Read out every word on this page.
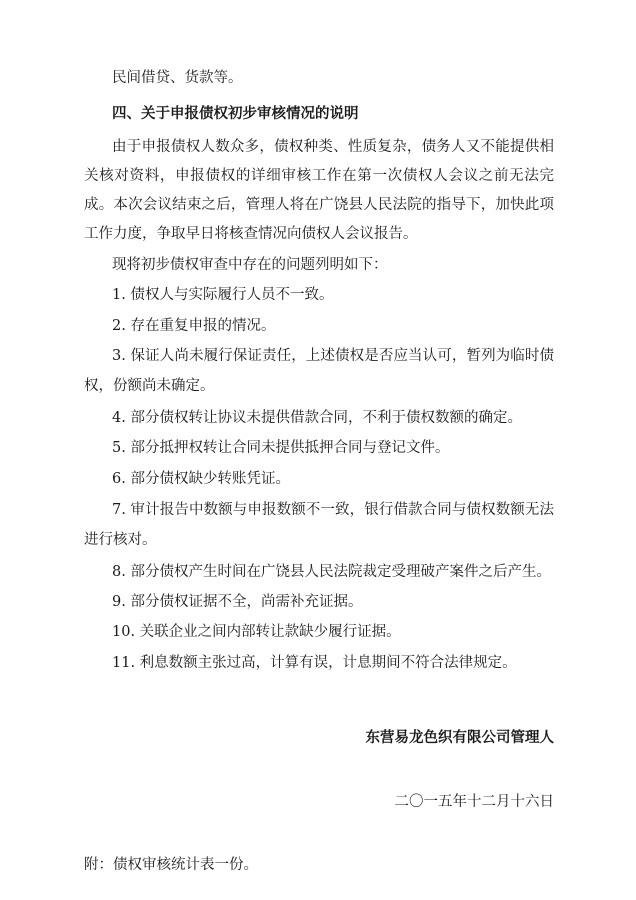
民间借贷、货款等。
四、关于申报债权初步审核情况的说明
由于申报债权人数众多，债权种类、性质复杂，债务人又不能提供相
关核对资料，申报债权的详细审核工作在第一次债权人会议之前无法完
成。本次会议结束之后，管理人将在广饶县人民法院的指导下，加快此项
工作力度，争取早日将核查情况向债权人会议报告。
现将初步债权审查中存在的问题列明如下：
1. 债权人与实际履行人员不一致。
2. 存在重复申报的情况。
3. 保证人尚未履行保证责任，上述债权是否应当认可，暂列为临时债
权，份额尚未确定。
4. 部分债权转让协议未提供借款合同，不利于债权数额的确定。
5. 部分抵押权转让合同未提供抵押合同与登记文件。
6. 部分债权缺少转账凭证。
7. 审计报告中数额与申报数额不一致，银行借款合同与债权数额无法
进行核对。
8. 部分债权产生时间在广饶县人民法院裁定受理破产案件之后产生。
9. 部分债权证据不全，尚需补充证据。
10. 关联企业之间内部转让款缺少履行证据。
11. 利息数额主张过高，计算有误，计息期间不符合法律规定。
东营易龙色织有限公司管理人
二〇一五年十二月十六日
附：债权审核统计表一份。
